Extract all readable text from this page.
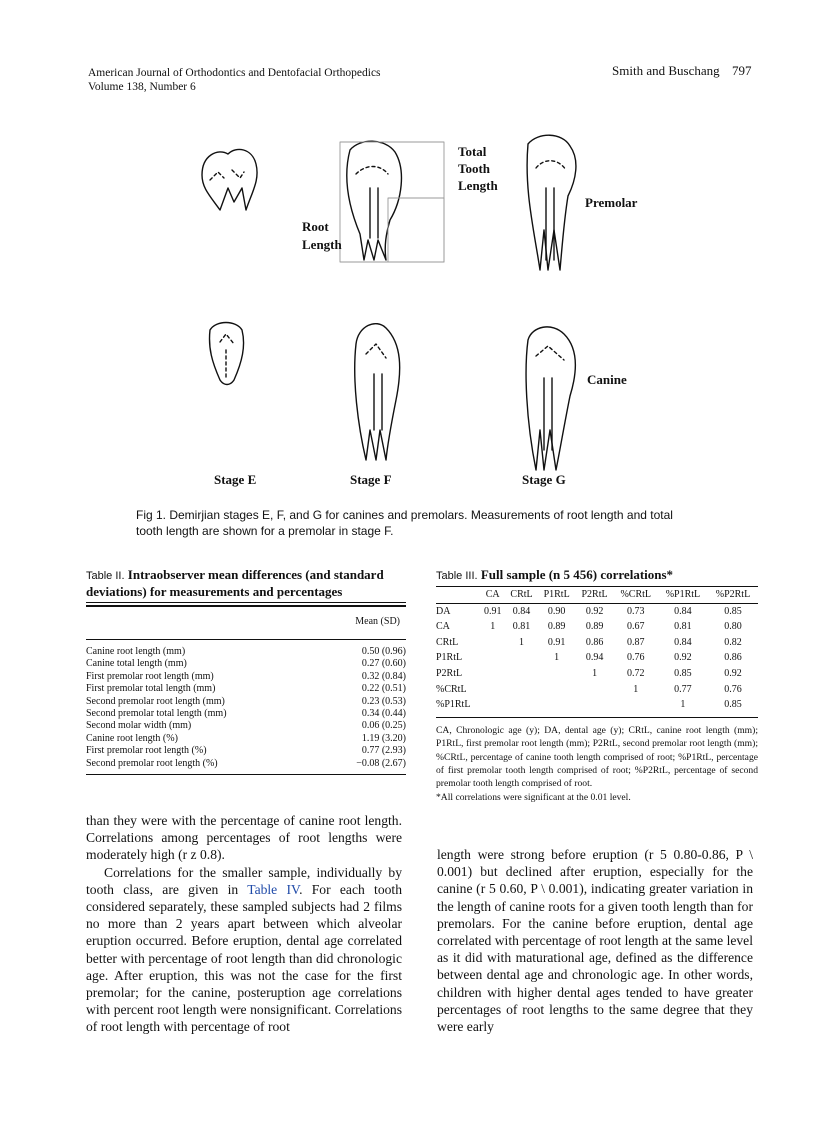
American Journal of Orthodontics and Dentofacial Orthopedics
Volume 138, Number 6
Smith and Buschang 797
Total
Tooth
Length
Root
Length
Premolar
Canine
Stage E	Stage F	Stage G
Fig 1. Demirjian stages E, F, and G for canines and premolars. Measurements of root length and total
tooth length are shown for a premolar in stage F.
Table II. Intraobserver mean differences (and standard
deviations) for measurements and percentages
Mean (SD)
Canine root length (mm)	0.50 (0.96)
Canine total length (mm)	0.27 (0.60)
First premolar root length (mm)	0.32 (0.84)
First premolar total length (mm)	0.22 (0.51)
Second premolar root length (mm)	0.23 (0.53)
Second premolar total length (mm)	0.34 (0.44)
Second molar width (mm)	0.06 (0.25)
Canine root length (%)	1.19 (3.20)
First premolar root length (%)	0.77 (2.93)
Second premolar root length (%)	−0.08 (2.67)
Table III. Full sample (n 5 456) correlations*
	CA	CRtL	P1RtL	P2RtL	%CRtL	%P1RtL	%P2RtL
DA	0.91	0.84	0.90	0.92	0.73	0.84	0.85
CA	1	0.81	0.89	0.89	0.67	0.81	0.80
CRtL		1	0.91	0.86	0.87	0.84	0.82
P1RtL			1	0.94	0.76	0.92	0.86
P2RtL				1	0.72	0.85	0.92
%CRtL					1	0.77	0.76
%P1RtL						1	0.85
CA, Chronologic age (y); DA, dental age (y); CRtL, canine root length (mm); P1RtL, first premolar root length (mm); P2RtL, second premolar root length (mm); %CRtL, percentage of canine tooth length comprised of root; %P1RtL, percentage of first premolar tooth length comprised of root; %P2RtL, percentage of second premolar tooth length comprised of root.
*All correlations were significant at the 0.01 level.
than they were with the percentage of canine root length. Correlations among percentages of root lengths were moderately high (r z 0.8).
Correlations for the smaller sample, individually by tooth class, are given in Table IV. For each tooth considered separately, these sampled subjects had 2 films no more than 2 years apart between which alveolar eruption occurred. Before eruption, dental age correlated better with percentage of root length than did chronologic age. After eruption, this was not the case for the first premolar; for the canine, posteruption age correlations with percent root length were nonsignificant. Correlations of root length with percentage of root
length were strong before eruption (r 5 0.80-0.86, P \ 0.001) but declined after eruption, especially for the canine (r 5 0.60, P \ 0.001), indicating greater variation in the length of canine roots for a given tooth length than for premolars. For the canine before eruption, dental age correlated with percentage of root length at the same level as it did with maturational age, defined as the difference between dental age and chronologic age. In other words, children with higher dental ages tended to have greater percentages of root lengths to the same degree that they were early
